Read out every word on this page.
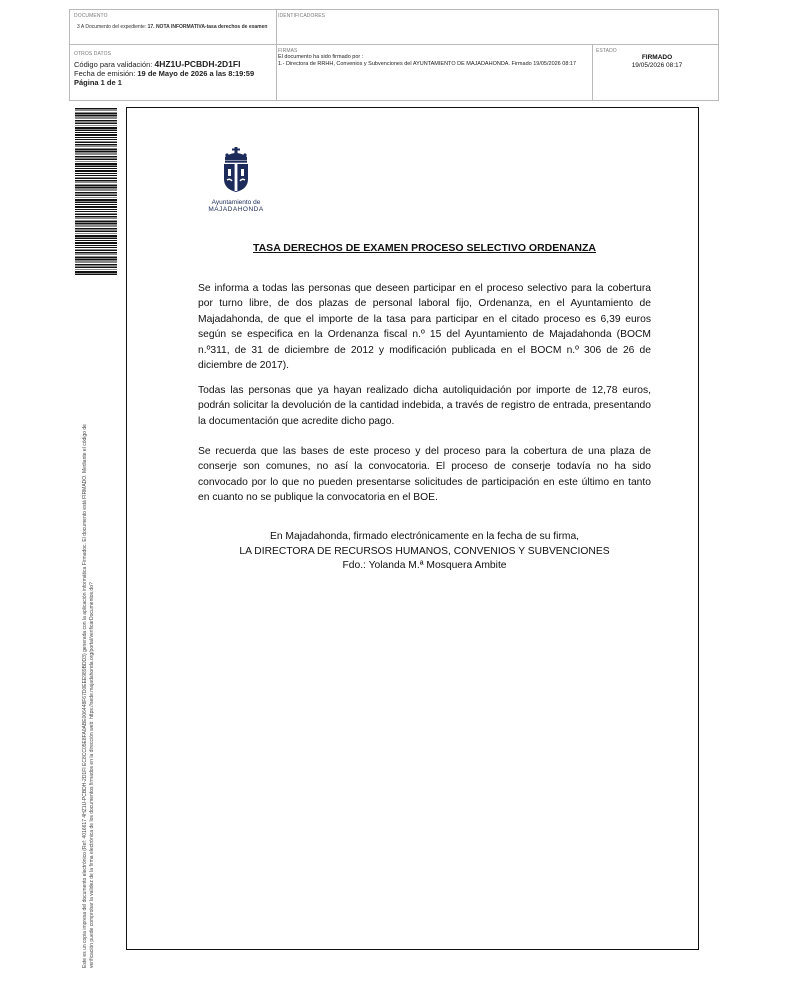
DOCUMENTO
3 A Documento del expediente: 17. NOTA INFORMATIVA-tasa derechos de examen
IDENTIFICADORES
OTROS DATOS
Código para validación: 4HZ1U-PCBDH-2D1FI
Fecha de emisión: 19 de Mayo de 2026 a las 8:19:59
Página 1 de 1
FIRMAS
El documento ha sido firmado por :
1.- Directora de RRHH, Convenios y Subvenciones del AYUNTAMIENTO DE MAJADAHONDA. Firmado 19/05/2026 08:17
ESTADO
FIRMADO
19/05/2026 08:17
Este es un copia impresa del documento electrónico (Ref: 4016617 4HZ1U-PCBDH-2D1FI EC8CC05E8FA0ABE006448F67D0EEE989BDD3) generada con la aplicación informática Firmadoc. El documento está FIRMADO. Mediante el código de verificación puede comprobar la validez de la firma electrónica de los documentos firmados en la dirección web: https://sede.majadahonda.org/portal/verificarDocumentos.do?
Ayuntamiento de
MAJADAHONDA
TASA DERECHOS DE EXAMEN PROCESO SELECTIVO ORDENANZA
Se informa a todas las personas que deseen participar en el proceso selectivo para la cobertura por turno libre, de dos plazas de personal laboral fijo, Ordenanza, en el Ayuntamiento de Majadahonda, de que el importe de la tasa para participar en el citado proceso es 6,39 euros según se especifica en la Ordenanza fiscal n.º 15 del Ayuntamiento de Majadahonda (BOCM n.º311, de 31 de diciembre de 2012 y modificación publicada en el BOCM n.º 306 de 26 de diciembre de 2017).
Todas las personas que ya hayan realizado dicha autoliquidación por importe de 12,78 euros, podrán solicitar la devolución de la cantidad indebida, a través de registro de entrada, presentando la documentación que acredite dicho pago.
Se recuerda que las bases de este proceso y del proceso para la cobertura de una plaza de conserje son comunes, no así la convocatoria. El proceso de conserje todavía no ha sido convocado por lo que no pueden presentarse solicitudes de participación en este último en tanto en cuanto no se publique la convocatoria en el BOE.
En Majadahonda, firmado electrónicamente en la fecha de su firma,
LA DIRECTORA DE RECURSOS HUMANOS, CONVENIOS Y SUBVENCIONES
Fdo.: Yolanda M.ª Mosquera Ambite
